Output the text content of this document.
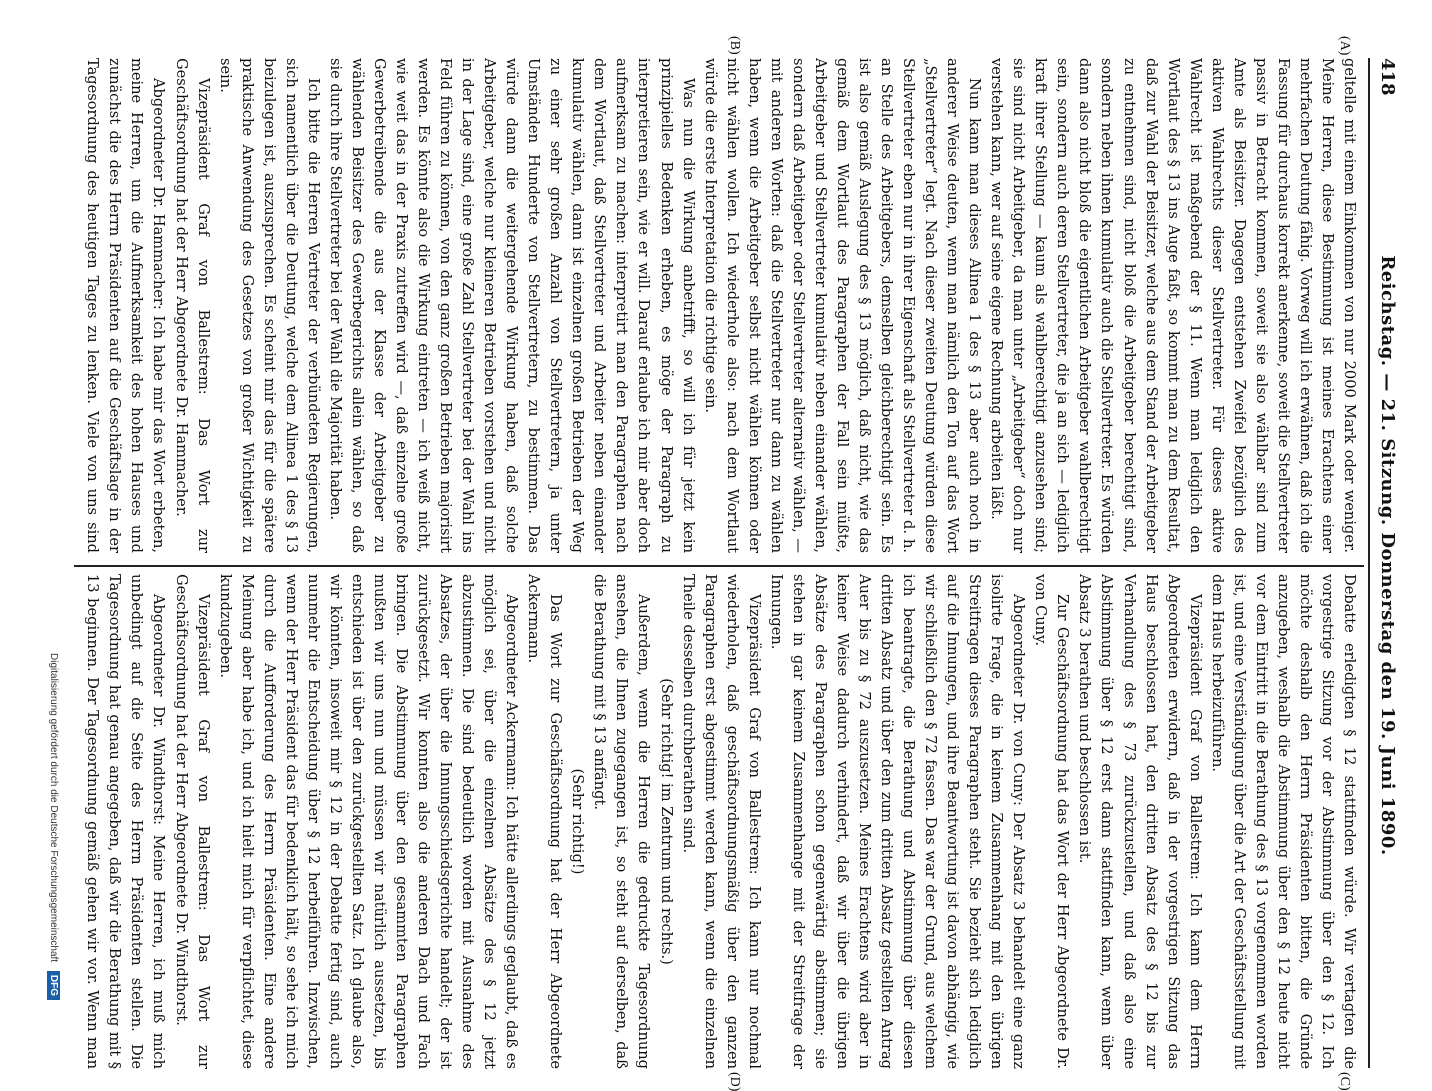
418
Reichstag. — 21. Sitzung. Donnerstag den 19. Juni 1890.
(A)
(B)
(C)
(D)

geltelle mit einem Einkommen von nur 2000 Mark oder weniger. Meine Herren, diese Bestimmung ist meines Erachtens einer mehrfachen Deutung fähig. Vorweg will ich erwähnen, daß ich die Fassung für durchaus korrekt anerkenne, soweit die Stellvertreter passiv in Betracht kommen, soweit sie also wählbar sind zum Amte als Beisitzer. Dagegen entstehen Zweifel bezüglich des aktiven Wahlrechts dieser Stellvertreter. Für dieses aktive Wahlrecht ist maßgebend der § 11. Wenn man lediglich den Wortlaut des § 13 ins Auge faßt, so kommt man zu dem Resultat, daß zur Wahl der Beisitzer, welche aus dem Stand der Arbeitgeber zu entnehmen sind, nicht bloß die Arbeitgeber berechtigt sind, sondern neben ihnen kumulativ auch die Stellvertreter. Es würden dann also nicht bloß die eigentlichen Arbeitgeber wahlberechtigt sein, sondern auch deren Stellvertreter, die ja an sich — lediglich kraft ihrer Stellung — kaum als wahlberechtigt anzusehen sind; sie sind nicht Arbeitgeber, da man unter „Arbeitgeber“ doch nur verstehen kann, wer auf seine eigene Rechnung arbeiten läßt.

Nun kann man dieses Alinea 1 des § 13 aber auch noch in anderer Weise deuten, wenn man nämlich den Ton auf das Wort „Stellvertreter“ legt. Nach dieser zweiten Deutung würden diese Stellvertreter eben nur in ihrer Eigenschaft als Stellvertreter d. h. an Stelle des Arbeitgebers, demselben gleichberechtigt sein. Es ist also gemäß Auslegung des § 13 möglich, daß nicht, wie das gemäß dem Wortlaut des Paragraphen der Fall sein müßte, Arbeitgeber und Stellvertreter kumulativ neben einander wählen, sondern daß Arbeitgeber oder Stellvertreter alternativ wählen, — mit anderen Worten: daß die Stellvertreter nur dann zu wählen haben, wenn die Arbeitgeber selbst nicht wählen können oder nicht wählen wollen. Ich wiederhole also: nach dem Wortlaut würde die erste Interpretation die richtige sein.

Was nun die Wirkung anbetrifft, so will ich für jetzt kein prinzipielles Bedenken erheben, es möge der Paragraph zu interpretieren sein, wie er will. Darauf erlaube ich mir aber doch aufmerksam zu machen: interpretirt man den Paragraphen nach dem Wortlaut, daß Stellvertreter und Arbeiter neben einander kumulativ wählen, dann ist einzelnen großen Betrieben der Weg zu einer sehr großen Anzahl von Stellvertretern, ja unter Umständen Hunderte von Stellvertretern, zu bestimmen. Das würde dann die weitergehende Wirkung haben, daß solche Arbeitgeber, welche nur kleineren Betrieben vorstehen und nicht in der Lage sind, eine große Zahl Stellvertreter bei der Wahl ins Feld führen zu können, von den ganz großen Betrieben majorisirt werden. Es könnte also die Wirkung eintreten — ich weiß nicht, wie weit das in der Praxis zutreffen wird —, daß einzelne große Gewerbetreibende die aus der Klasse der Arbeitgeber zu wählenden Beisitzer des Gewerbegerichts allein wählen, so daß sie durch ihre Stellvertreter bei der Wahl die Majorität haben.

Ich bitte die Herren Vertreter der verbündeten Regierungen, sich namentlich über die Deutung, welche dem Alinea 1 des § 13 beizulegen ist, auszusprechen. Es scheint mir das für die spätere praktische Anwendung des Gesetzes von großer Wichtigkeit zu sein.

Vizepräsident Graf von Ballestrem: Das Wort zur Geschäftsordnung hat der Herr Abgeordnete Dr. Hammacher.

Abgeordneter Dr. Hammacher: Ich habe mir das Wort erbeten, meine Herren, um die Aufmerksamkeit des hohen Hauses und zunächst die des Herrn Präsidenten auf die Geschäftslage in der Tagesordnung des heutigen Tages zu lenken. Viele von uns sind

Debatte erledigten § 12 stattfinden würde. Wir vertagten die vorgestrige Sitzung vor der Abstimmung über den § 12. Ich möchte deshalb den Herrn Präsidenten bitten, die Gründe anzugeben, weshalb die Abstimmung über den § 12 heute nicht vor dem Eintritt in die Berathung des § 13 vorgenommen worden ist, und eine Verständigung über die Art der Geschäftsstellung mit dem Haus herbeizuführen.

Vizepräsident Graf von Ballestrem: Ich kann dem Herrn Abgeordneten erwidern, daß in der vorgestrigen Sitzung das Haus beschlossen hat, den dritten Absatz des § 12 bis zur Verhandlung des § 73 zurückzustellen, und daß also eine Abstimmung über § 12 erst dann stattfinden kann, wenn über Absatz 3 berathen und beschlossen ist.

Zur Geschäftsordnung hat das Wort der Herr Abgeordnete Dr. von Cuny.

Abgeordneter Dr. von Cuny: Der Absatz 3 behandelt eine ganz isolirte Frage, die in keinem Zusammenhang mit den übrigen Streitfragen dieses Paragraphen steht. Sie bezieht sich lediglich auf die Innungen, und ihre Beantwortung ist davon abhängig, wie wir schließlich den § 72 fassen. Das war der Grund, aus welchem ich beantragte, die Berathung und Abstimmung über diesen dritten Absatz und über den zum dritten Absatz gestellten Antrag Auer bis zu § 72 auszusetzen. Meines Erachtens wird aber in keiner Weise dadurch verhindert, daß wir über die übrigen Absätze des Paragraphen schon gegenwärtig abstimmen; sie stehen in gar keinem Zusammenhange mit der Streitfrage der Innungen.

Vizepräsident Graf von Ballestrem: Ich kann nur nochmal wiederholen, daß geschäftsordnungsmäßig über den ganzen Paragraphen erst abgestimmt werden kann, wenn die einzelnen Theile desselben durchberathen sind.

(Sehr richtig! im Zentrum und rechts.)

Außerdem, wenn die Herren die gedruckte Tagesordnung ansehen, die Ihnen zugegangen ist, so steht auf derselben, daß die Berathung mit § 13 anfängt.

(Sehr richtig!)

Das Wort zur Geschäftsordnung hat der Herr Abgeordnete Ackermann.

Abgeordneter Ackermann: Ich hätte allerdings geglaubt, daß es möglich sei, über die einzelnen Absätze des § 12 jetzt abzustimmen. Die sind bedeutlich worden mit Ausnahme des Absatzes, der über die Innungsschiedsgerichte handelt; der ist zurückgesetzt. Wir konnten also die anderen Dach und Fach bringen. Die Abstimmung über den gesammten Paragraphen mußten wir uns nun und müssen wir natürlich aussetzen, bis entschieden ist über den zurückgestellten Satz. Ich glaube also, wir könnten, insoweit mir § 12 in der Debatte fertig sind, auch nunmehr die Entscheidung über § 12 herbeiführen. Inzwischen, wenn der Herr Präsident das für bedenklich hält, so sehe ich mich durch die Aufforderung des Herrn Präsidenten. Eine andere Meinung aber habe ich, und ich hielt mich für verpflichtet, diese kundzugeben.

Vizepräsident Graf von Ballestrem: Das Wort zur Geschäftsordnung hat der Herr Abgeordnete Dr. Windthorst.

Abgeordneter Dr. Windthorst: Meine Herren, ich muß mich unbedingt auf die Seite des Herrn Präsidenten stellen. Die Tagesordnung hat genau angegeben, daß wir die Berathung mit § 13 beginnen. Der Tagesordnung gemäß gehen wir vor. Wenn man

Digitalisierung gefördert durch die Deutsche Forschungsgemeinschaft DFG
